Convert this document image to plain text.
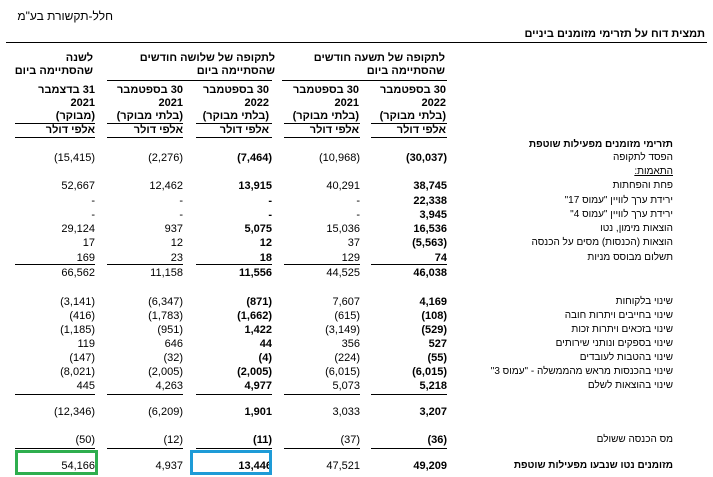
חלל-תקשורת בע"מ
תמצית דוח על תזרימי מזומנים ביניים
לתקופה של תשעה חודשים שהסתיימה ביום
לתקופה של שלושה חודשים שהסתיימה ביום
לשנה שהסתיימה ביום
30 בספטמבר 2022
(בלתי מבוקר)
אלפי דולר
30 בספטמבר 2021
(בלתי מבוקר)
אלפי דולר
30 בספטמבר 2022
(בלתי מבוקר)
אלפי דולר
30 בספטמבר 2021
(בלתי מבוקר)
אלפי דולר
31 בדצמבר 2021
(מבוקר)
אלפי דולר
תזרימי מזומנים מפעילות שוטפת
הפסד לתקופה
התאמות:
פחת והפחתות
ירידת ערך לוויין "עמוס 17"
ירידת ערך לוויין "עמוס 4"
הוצאות מימון, נטו
הוצאות (הכנסות) מסים על הכנסה
תשלום מבוסס מניות
שינוי בלקוחות
שינוי בחייבים ויתרות חובה
שינוי בזכאים ויתרות זכות
שינוי בספקים ונותני שירותים
שינוי בהטבות לעובדים
שינוי בהכנסות מראש מהממשלה - "עמוס 3"
שינוי בהוצאות לשלם
מס הכנסה ששולם
מזומנים נטו שנבעו מפעילות שוטפת
(30,037)
(10,968)
(7,464)
(2,276)
(15,415)
38,745
40,291
13,915
12,462
52,667
22,338
-
-
-
-
3,945
-
-
-
-
16,536
15,036
5,075
937
29,124
(5,563)
37
12
12
17
74
129
18
23
169
46,038
44,525
11,556
11,158
66,562
4,169
7,607
(871)
(6,347)
(3,141)
(108)
(615)
(1,662)
(1,783)
(416)
(529)
(3,149)
1,422
(951)
(1,185)
527
356
44
646
119
(55)
(224)
(4)
(32)
(147)
(6,015)
(6,015)
(2,005)
(2,005)
(8,021)
5,218
5,073
4,977
4,263
445
3,207
3,033
1,901
(6,209)
(12,346)
(36)
(37)
(11)
(12)
(50)
49,209
47,521
13,446
4,937
54,166
